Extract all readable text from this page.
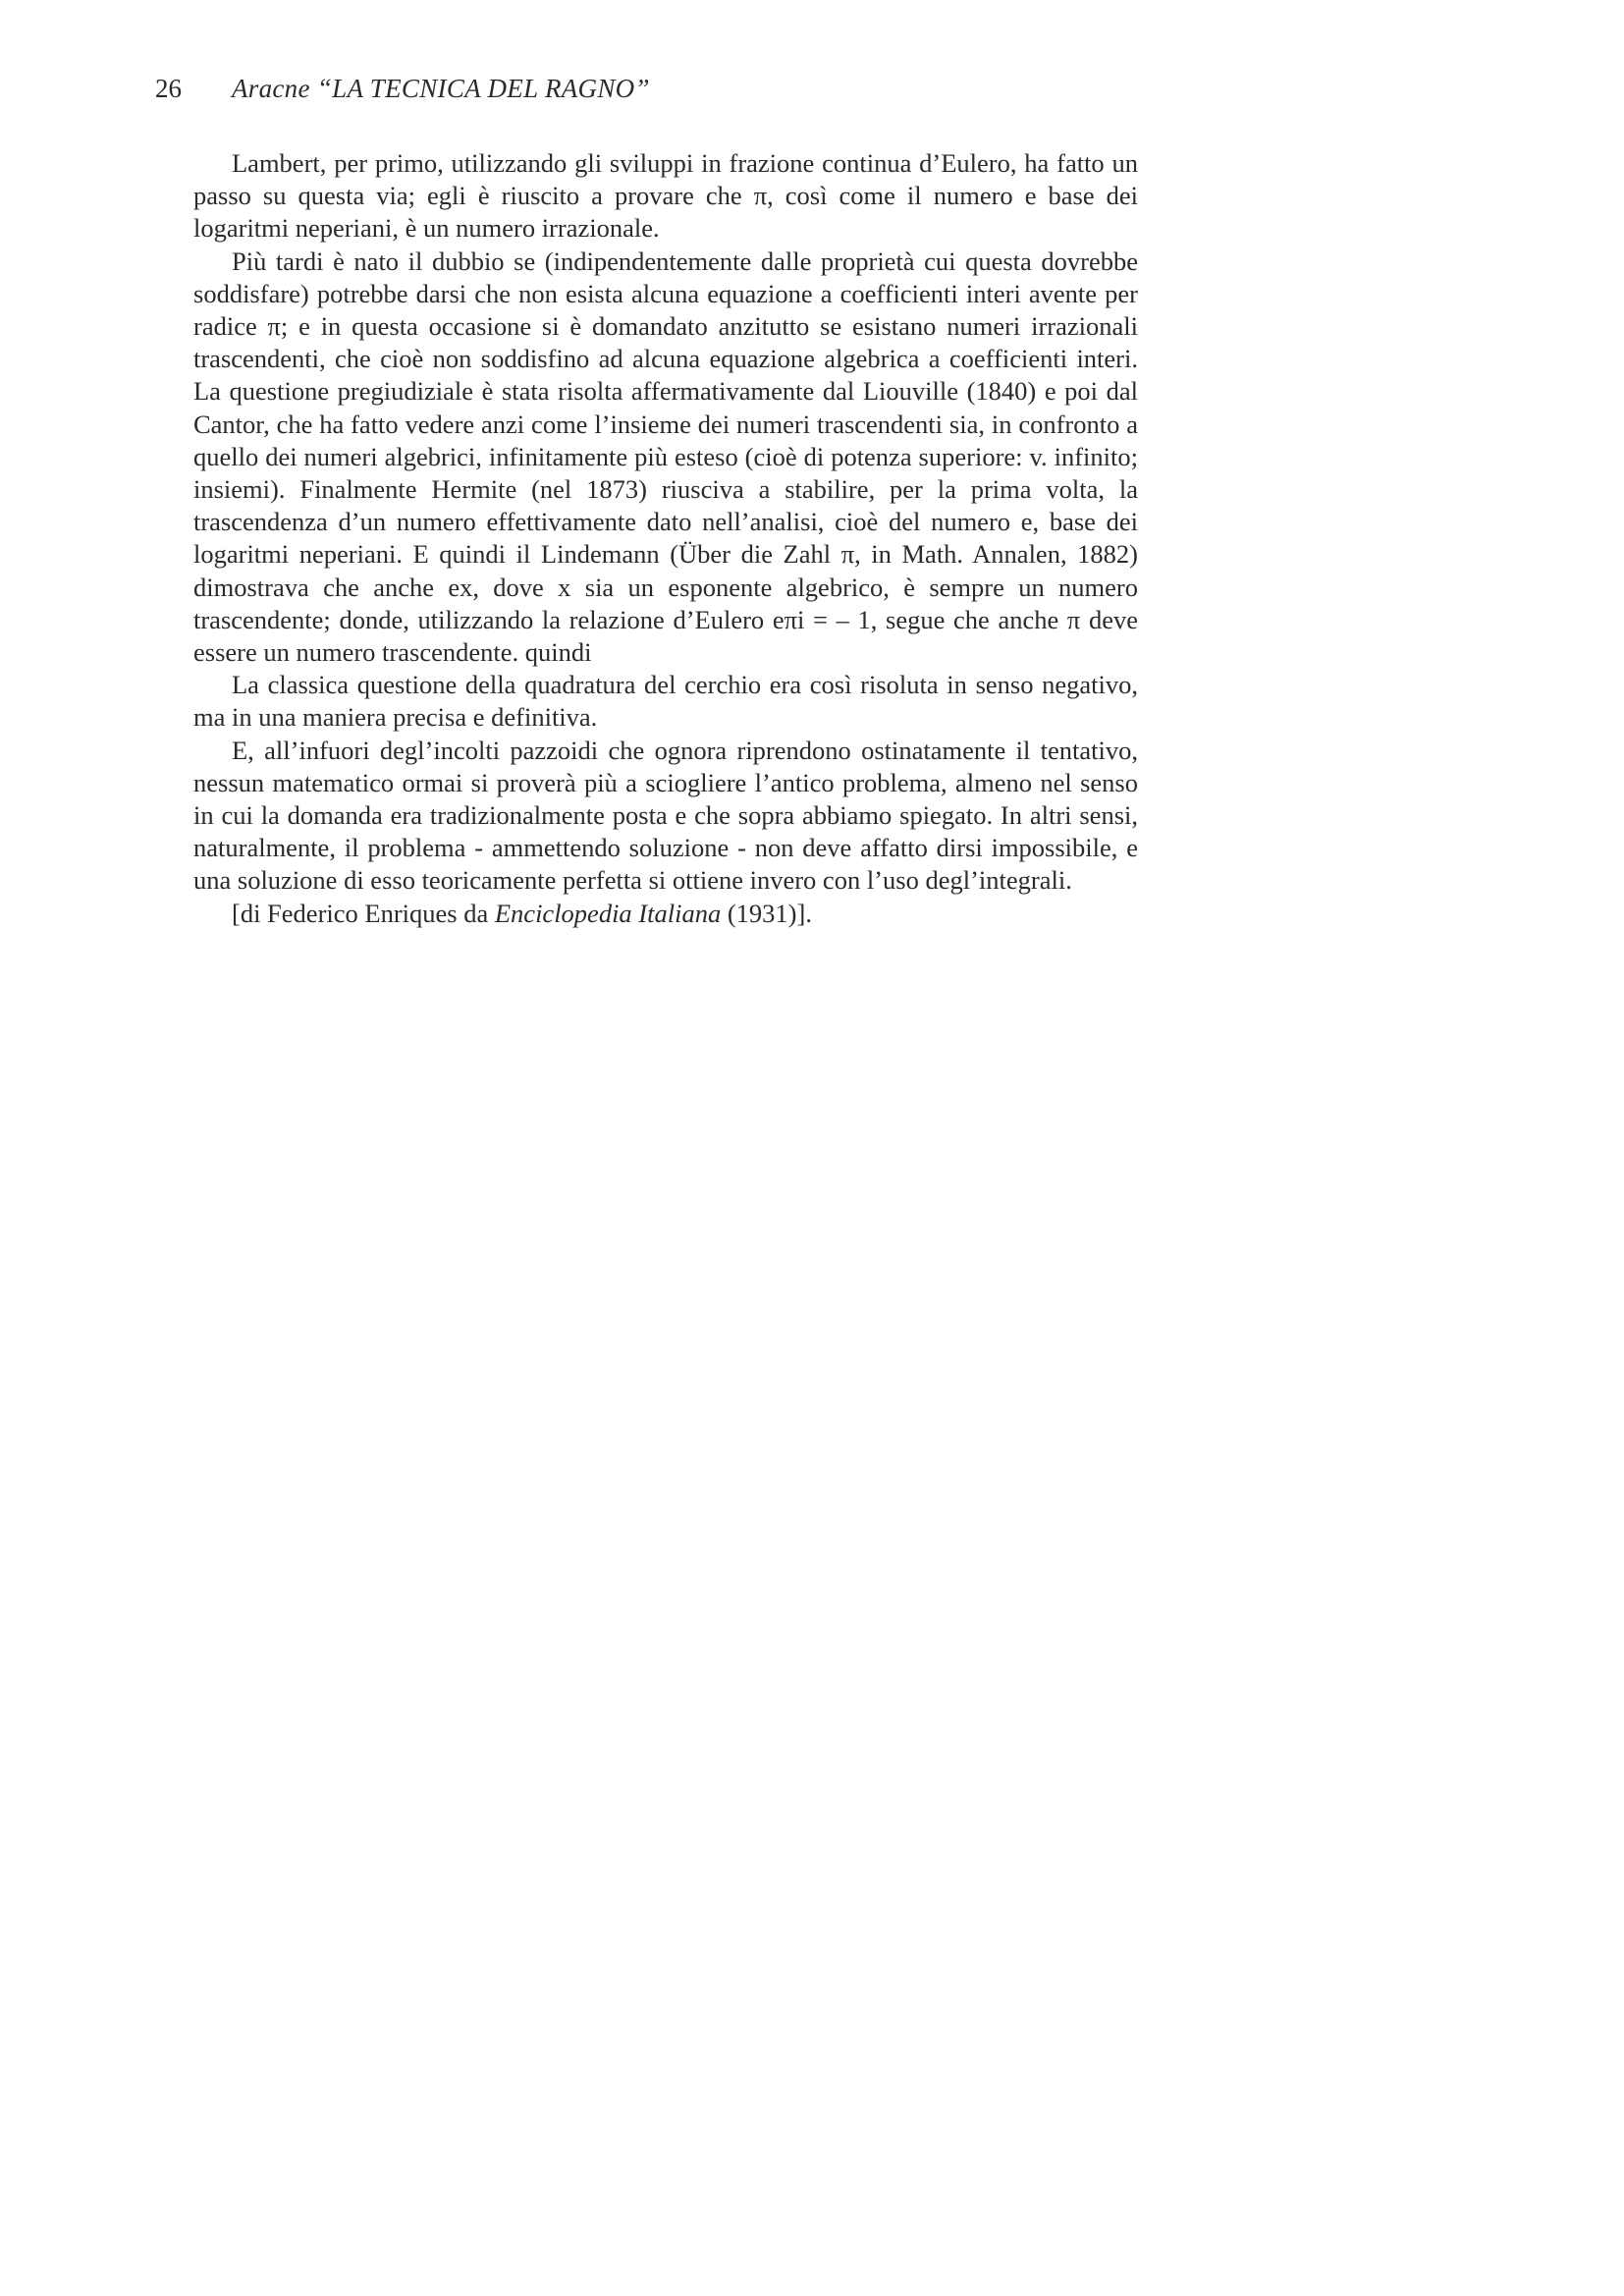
26 Aracne “LA TECNICA DEL RAGNO”

Lambert, per primo, utilizzando gli sviluppi in frazione continua d’Eulero, ha fatto un passo su questa via; egli è riuscito a provare che π, così come il numero e base dei logaritmi neperiani, è un numero irrazionale.

Più tardi è nato il dubbio se (indipendentemente dalle proprietà cui questa dovrebbe soddisfare) potrebbe darsi che non esista alcuna equazione a coefficienti interi avente per radice π; e in questa occasione si è domandato anzitutto se esistano numeri irrazionali trascendenti, che cioè non soddisfino ad alcuna equazione algebrica a coefficienti interi. La questione pregiudiziale è stata risolta affermativamente dal Liouville (1840) e poi dal Cantor, che ha fatto vedere anzi come l’insieme dei numeri trascendenti sia, in confronto a quello dei numeri algebrici, infinitamente più esteso (cioè di potenza superiore: v. infinito; insiemi). Finalmente Hermite (nel 1873) riusciva a stabilire, per la prima volta, la trascendenza d’un numero effettivamente dato nell’analisi, cioè del numero e, base dei logaritmi neperiani. E quindi il Lindemann (Über die Zahl π, in Math. Annalen, 1882) dimostrava che anche ex, dove x sia un esponente algebrico, è sempre un numero trascendente; donde, utilizzando la relazione d’Eulero eπi = – 1, segue che anche π deve essere un numero trascendente. quindi

La classica questione della quadratura del cerchio era così risoluta in senso negativo, ma in una maniera precisa e definitiva.

E, all’infuori degl’incolti pazzoidi che ognora riprendono ostinatamente il tentativo, nessun matematico ormai si proverà più a sciogliere l’antico problema, almeno nel senso in cui la domanda era tradizionalmente posta e che sopra abbiamo spiegato. In altri sensi, naturalmente, il problema - ammettendo soluzione - non deve affatto dirsi impossibile, e una soluzione di esso teoricamente perfetta si ottiene invero con l’uso degl’integrali.

[di Federico Enriques da Enciclopedia Italiana (1931)].
